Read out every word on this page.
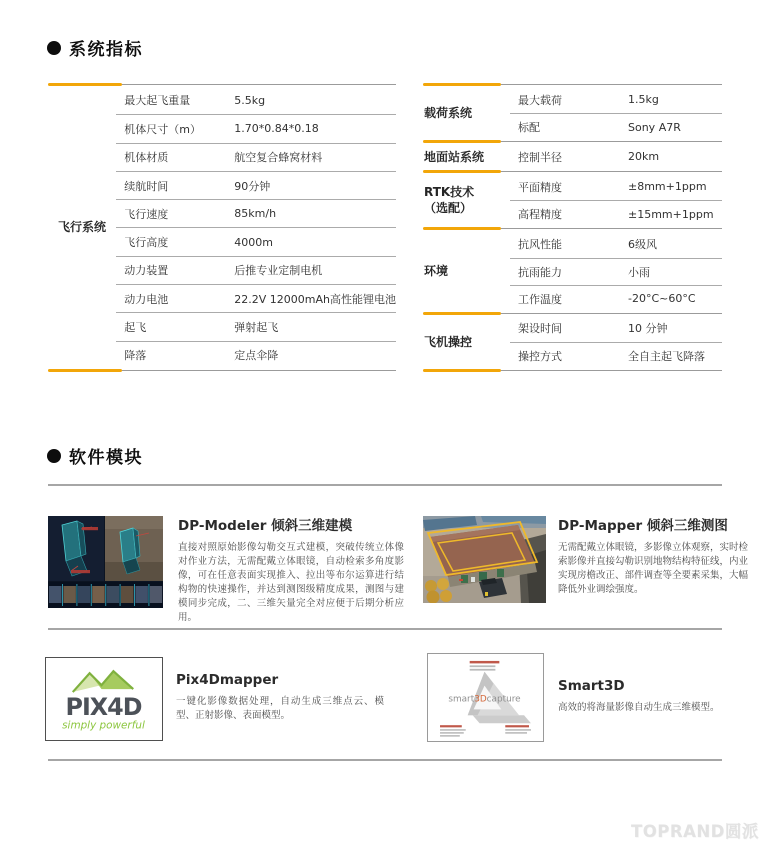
系统指标
飞行系统
最大起飞重量	5.5kg
机体尺寸（m）	1.70*0.84*0.18
机体材质	航空复合蜂窝材料
续航时间	90分钟
飞行速度	85km/h
飞行高度	4000m
动力装置	后推专业定制电机
动力电池	22.2V 12000mAh高性能锂电池
起飞	弹射起飞
降落	定点伞降
载荷系统
最大载荷	1.5kg
标配	Sony A7R
地面站系统	控制半径	20km
RTK技术
（选配）
平面精度	±8mm+1ppm
高程精度	±15mm+1ppm
环境
抗风性能	6级风
抗雨能力	小雨
工作温度	-20°C~60°C
飞机操控
架设时间	10 分钟
操控方式	全自主起飞降落
软件模块

DP-Modeler 倾斜三维建模

直接对照原始影像勾勒交互式建模，突破传统立体像对作业方法，无需配戴立体眼镜，自动检索多角度影像，可在任意表面实现推入、拉出等布尔运算进行结构物的快速操作，并达到测图级精度成果，测图与建模同步完成，二、三维矢量完全对应便于后期分析应用。

DP-Mapper 倾斜三维测图

无需配戴立体眼镜，多影像立体观察，实时检索影像并直接勾勒识别地物结构特征线，内业实现房檐改正、部件调查等全要素采集，大幅降低外业调绘强度。

PIX4D
simply powerful

Pix4Dmapper

一键化影像数据处理，自动生成三维点云、模型、正射影像、表面模型。

smart3Dcapture

Smart3D

高效的将海量影像自动生成三维模型。

TOPRAND圆派
